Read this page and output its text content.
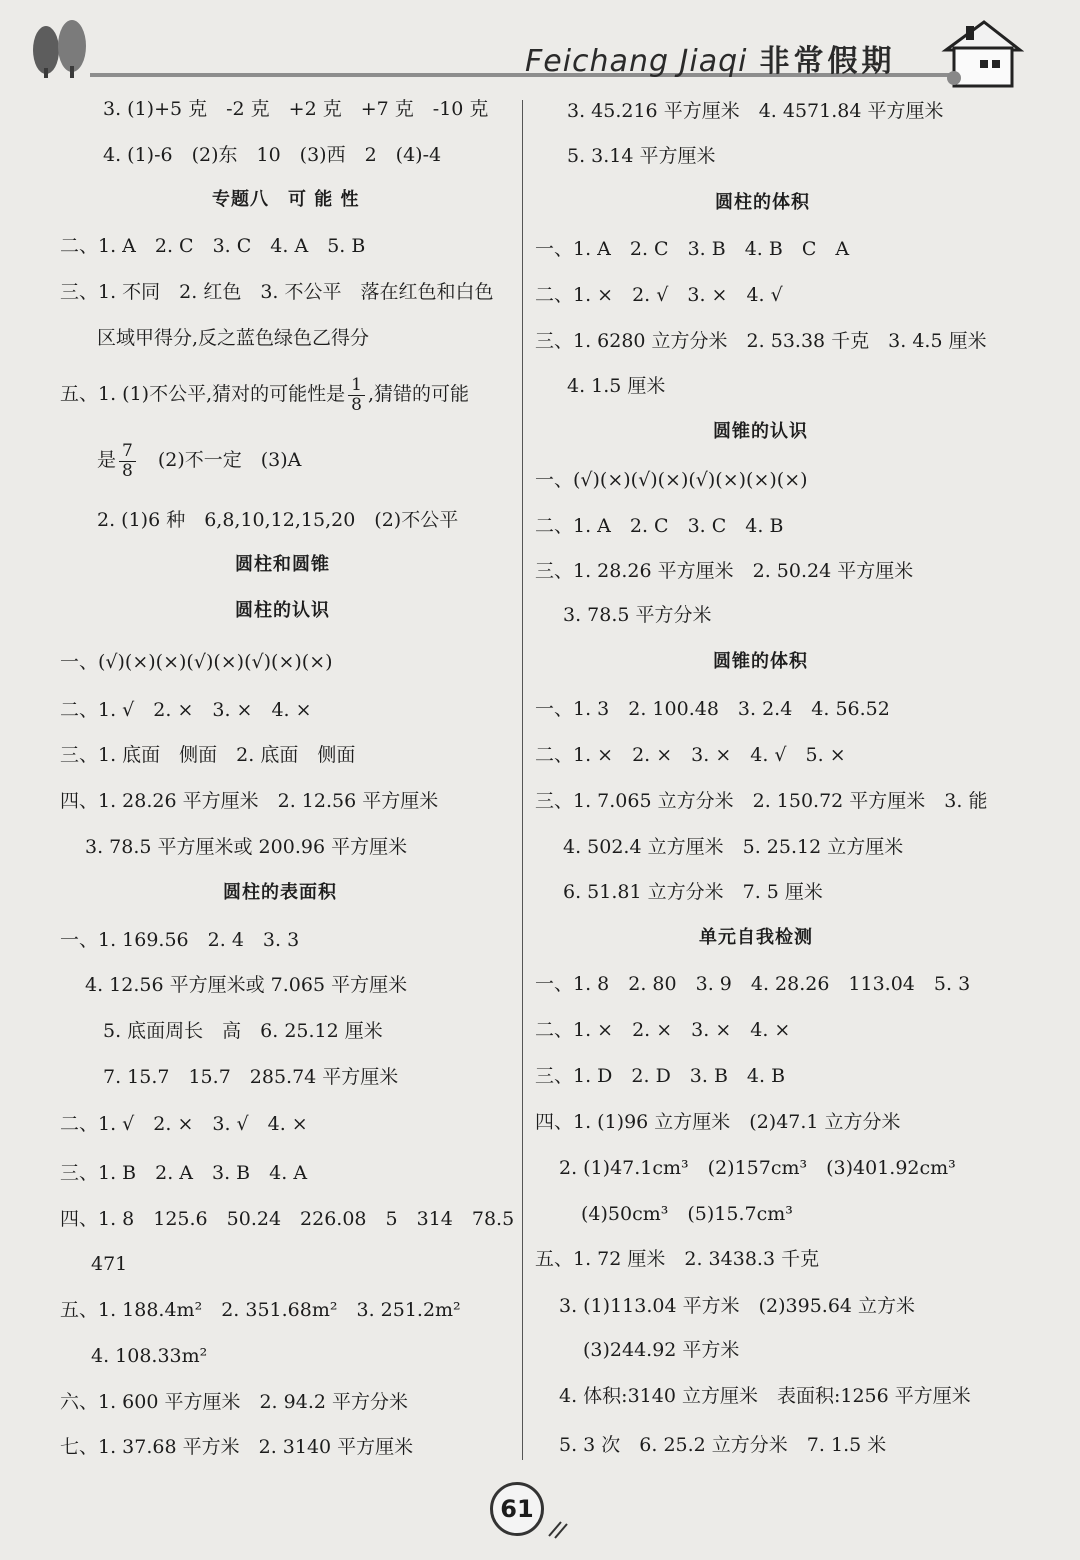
Feichang Jiaqi 非常假期
3. (1)+5 克　-2 克　+2 克　+7 克　-10 克
4. (1)-6　(2)东　10　(3)西　2　(4)-4
专题八　可 能 性
二、1. A　2. C　3. C　4. A　5. B
三、1. 不同　2. 红色　3. 不公平　落在红色和白色
区域甲得分,反之蓝色绿色乙得分
五、1. (1)不公平,猜对的可能性是 $\frac{1}{8}$ ,猜错的可能
是 $\frac{7}{8}$ 　(2)不一定　(3)A
2. (1)6 种　6,8,10,12,15,20　(2)不公平
圆柱和圆锥
圆柱的认识
一、(√)(×)(×)(√)(×)(√)(×)(×)
二、1. √　2. ×　3. ×　4. ×
三、1. 底面　侧面　2. 底面　侧面
四、1. 28.26 平方厘米　2. 12.56 平方厘米
3. 78.5 平方厘米或 200.96 平方厘米
圆柱的表面积
一、1. 169.56　2. 4　3. 3
4. 12.56 平方厘米或 7.065 平方厘米
5. 底面周长　高　6. 25.12 厘米
7. 15.7　15.7　285.74 平方厘米
二、1. √　2. ×　3. √　4. ×
三、1. B　2. A　3. B　4. A
四、1. 8　125.6　50.24　226.08　5　314　78.5
471
五、1. 188.4m²　2. 351.68m²　3. 251.2m²
4. 108.33m²
六、1. 600 平方厘米　2. 94.2 平方分米
七、1. 37.68 平方米　2. 3140 平方厘米
3. 45.216 平方厘米　4. 4571.84 平方厘米
5. 3.14 平方厘米
圆柱的体积
一、1. A　2. C　3. B　4. B　C　A
二、1. ×　2. √　3. ×　4. √
三、1. 6280 立方分米　2. 53.38 千克　3. 4.5 厘米
4. 1.5 厘米
圆锥的认识
一、(√)(×)(√)(×)(√)(×)(×)(×)
二、1. A　2. C　3. C　4. B
三、1. 28.26 平方厘米　2. 50.24 平方厘米
3. 78.5 平方分米
圆锥的体积
一、1. 3　2. 100.48　3. 2.4　4. 56.52
二、1. ×　2. ×　3. ×　4. √　5. ×
三、1. 7.065 立方分米　2. 150.72 平方厘米　3. 能
4. 502.4 立方厘米　5. 25.12 立方厘米
6. 51.81 立方分米　7. 5 厘米
单元自我检测
一、1. 8　2. 80　3. 9　4. 28.26　113.04　5. 3
二、1. ×　2. ×　3. ×　4. ×
三、1. D　2. D　3. B　4. B
四、1. (1)96 立方厘米　(2)47.1 立方分米
2. (1)47.1cm³　(2)157cm³　(3)401.92cm³
(4)50cm³　(5)15.7cm³
五、1. 72 厘米　2. 3438.3 千克
3. (1)113.04 平方米　(2)395.64 立方米
(3)244.92 平方米
4. 体积:3140 立方厘米　表面积:1256 平方厘米
5. 3 次　6. 25.2 立方分米　7. 1.5 米
61
